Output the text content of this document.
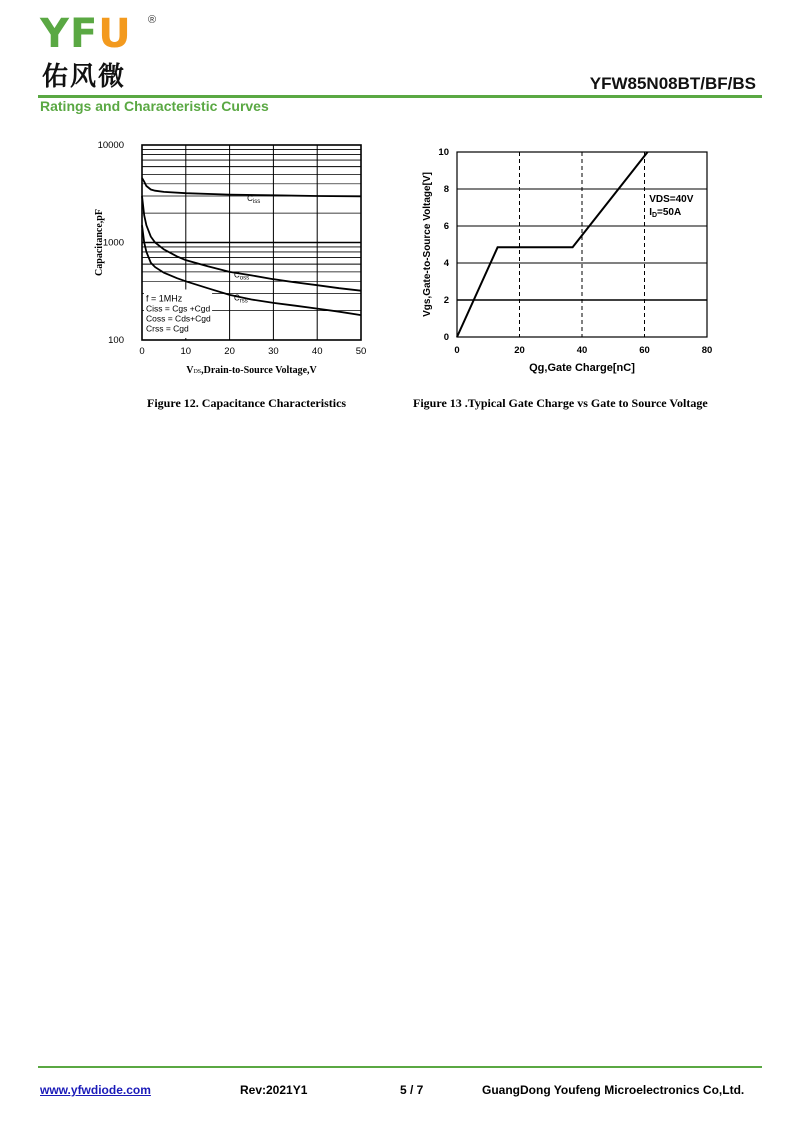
YFU ®
佑风微	YFW85N08BT/BF/BS
Ratings and Characteristic Curves
f = 1MHz
Ciss = Cgs +Cgd
Coss = Cds+Cgd
Crss = Cgd
$C_{iss}$
$C_{oss}$
$C_{rss}$
0	10	20	30	40	50
100
1000
10000
VDS,Drain-to-Source Voltage,V
Capacitance,pF
Figure 12. Capacitance Characteristics
VDS=40V
$I_D=50A$
0	20	40	60	80
0
2
4
6
8
10
Qg,Gate Charge[nC]
Vgs,Gate-to-Source Voltage[V]
Figure 13 .Typical Gate Charge vs Gate to Source Voltage
www.yfwdiode.com	Rev:2021Y1	5 / 7	GuangDong Youfeng Microelectronics Co,Ltd.
